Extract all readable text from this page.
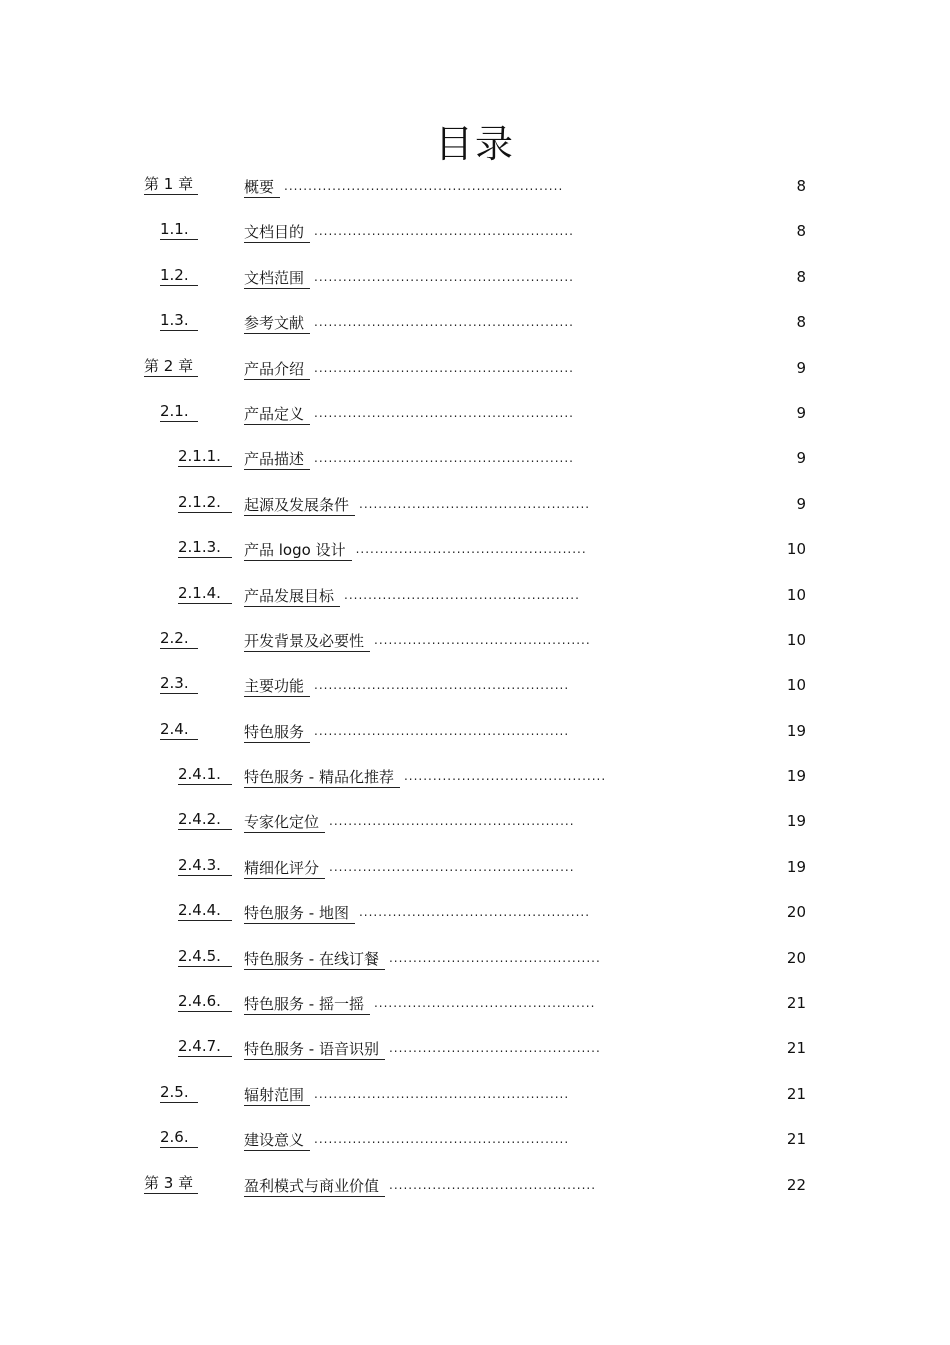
目录
第 1 章	概要 ..........................................................	8
1.1.	文档目的 ......................................................	8
1.2.	文档范围 ......................................................	8
1.3.	参考文献 ......................................................	8
第 2 章	产品介绍 ......................................................	9
2.1.	产品定义 ......................................................	9
2.1.1.	产品描述 ......................................................	9
2.1.2.	起源及发展条件 ................................................	9
2.1.3.	产品 logo 设计 ................................................	10
2.1.4.	产品发展目标 .................................................	10
2.2.	开发背景及必要性 .............................................	10
2.3.	主要功能 .....................................................	10
2.4.	特色服务 .....................................................	19
2.4.1.	特色服务 - 精品化推荐 ..........................................	19
2.4.2.	专家化定位 ...................................................	19
2.4.3.	精细化评分 ...................................................	19
2.4.4.	特色服务 - 地图 ................................................	20
2.4.5.	特色服务 - 在线订餐 ............................................	20
2.4.6.	特色服务 - 摇一摇 ..............................................	21
2.4.7.	特色服务 - 语音识别 ............................................	21
2.5.	辐射范围 .....................................................	21
2.6.	建设意义 .....................................................	21
第 3 章	盈利模式与商业价值 ...........................................	22
